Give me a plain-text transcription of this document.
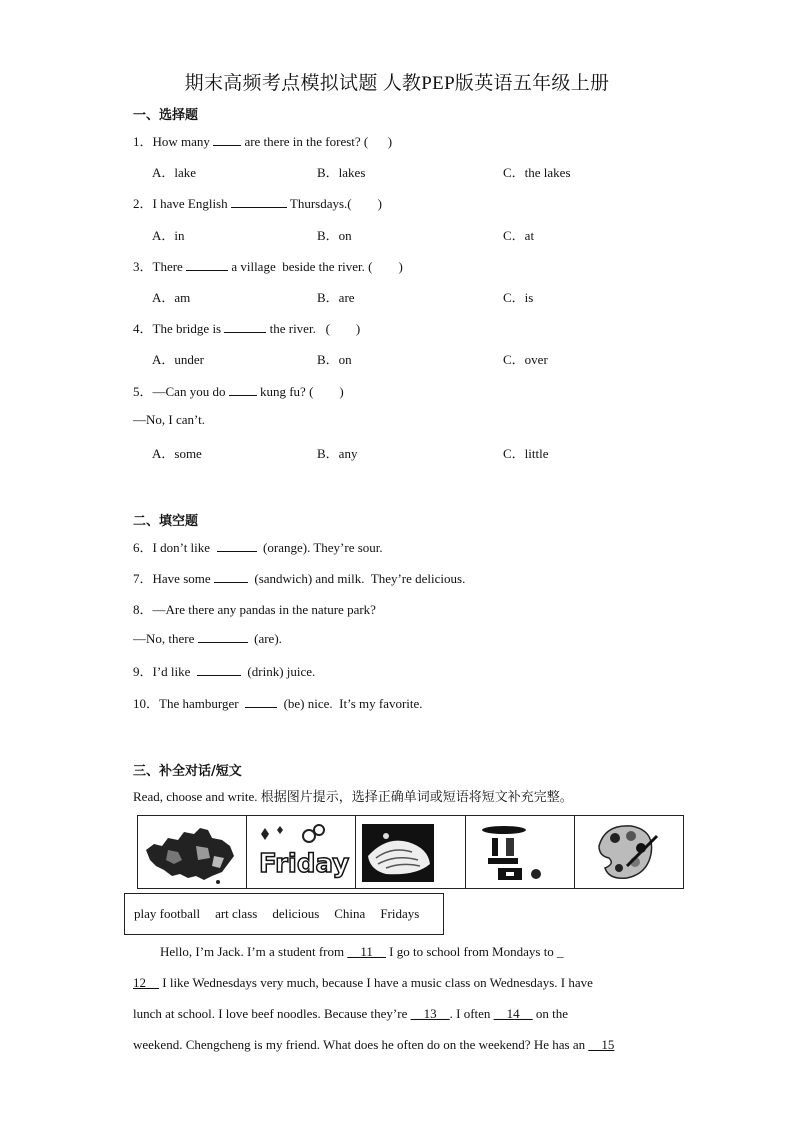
期末高频考点模拟试题 人教PEP版英语五年级上册
一、选择题
1．How many  are there in the forest? (      )
A．lake	B．lakes	C．the lakes
2．I have English	Thursdays.(        )
A．in	B．on	C．at
3．There	a village  beside the river. (        )
A．am	B．are	C．is
4．The bridge is	the river.   (        )
A．under	B．on	C．over
5．—Can you do  kung fu? (        )
—No, I can’t.
A．some	B．any	C．little
二、填空题
6．I don’t like	(orange). They’re sour.
7．Have some	(sandwich) and milk.  They’re delicious.
8．—Are there any pandas in the nature park?
—No, there	(are).
9．I’d like	(drink) juice.
10．The hamburger    (be) nice.  It’s my favorite.
三、补全对话/短文
Read, choose and write. 根据图片提示，选择正确单词或短语将短文补充完整。
Friday
play football art class delicious China Fridays
Hello, I’m Jack. I’m a student from __11__ I go to school from Mondays to _
12__ I like Wednesdays very much, because I have a music class on Wednesdays. I have
lunch at school. I love beef noodles. Because they’re __13__. I often __14__ on the
weekend. Chengcheng is my friend. What does he often do on the weekend? He has an __15
